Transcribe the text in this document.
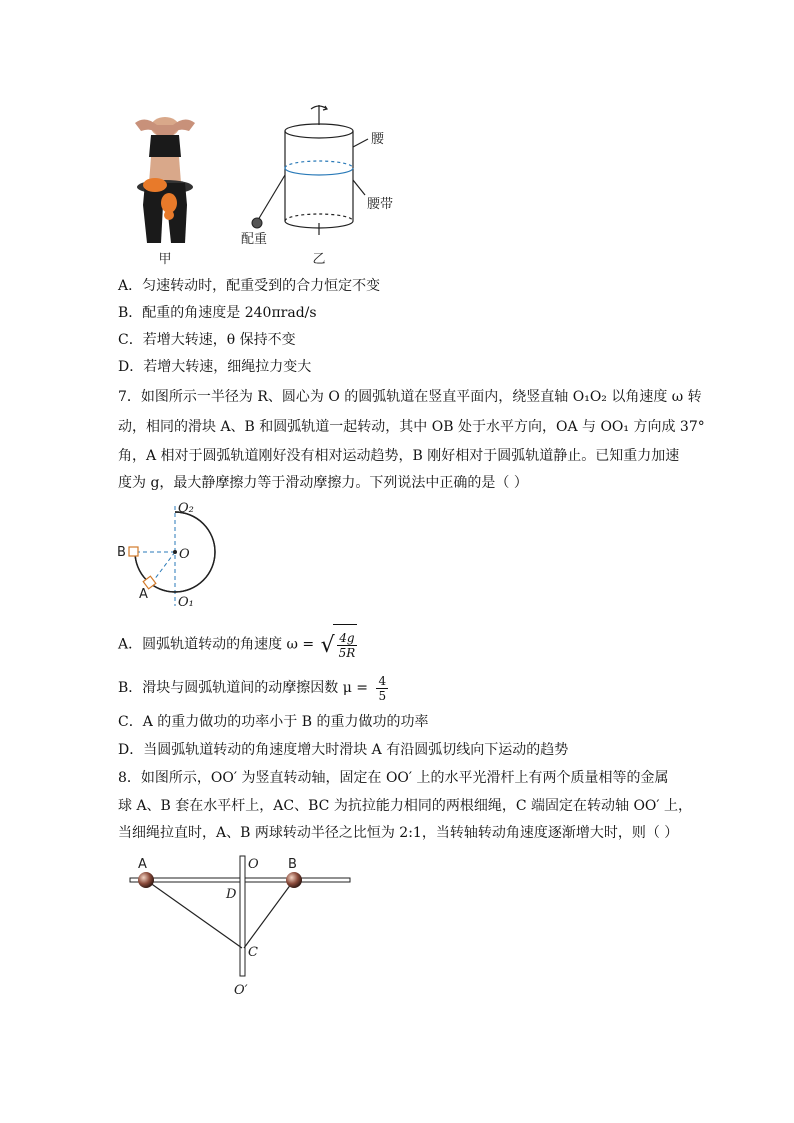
甲
腰
腰带
配重
乙
A．匀速转动时，配重受到的合力恒定不变
B．配重的角速度是 240πrad/s
C．若增大转速，θ 保持不变
D．若增大转速，细绳拉力变大
7．如图所示一半径为 R、圆心为 O 的圆弧轨道在竖直平面内，绕竖直轴 O₁O₂ 以角速度 ω 转
动，相同的滑块 A、B 和圆弧轨道一起转动，其中 OB 处于水平方向，OA 与 OO₁ 方向成 37°
角，A 相对于圆弧轨道刚好没有相对运动趋势，B 刚好相对于圆弧轨道静止。已知重力加速
度为 g，最大静摩擦力等于滑动摩擦力。下列说法中正确的是（ ）
O₂
O
O₁
B
A
A．圆弧轨道转动的角速度 ω =
√ $\frac{4g}{5R}$
B．滑块与圆弧轨道间的动摩擦因数 $\mu = \frac{4}{5}$
C．A 的重力做功的功率小于 B 的重力做功的功率
D．当圆弧轨道转动的角速度增大时滑块 A 有沿圆弧切线向下运动的趋势
8．如图所示，OO′ 为竖直转动轴，固定在 OO′ 上的水平光滑杆上有两个质量相等的金属
球 A、B 套在水平杆上，AC、BC 为抗拉能力相同的两根细绳，C 端固定在转动轴 OO′ 上，
当细绳拉直时，A、B 两球转动半径之比恒为 2:1，当转轴转动角速度逐渐增大时，则（ ）
A	B
O
D
C
O′
